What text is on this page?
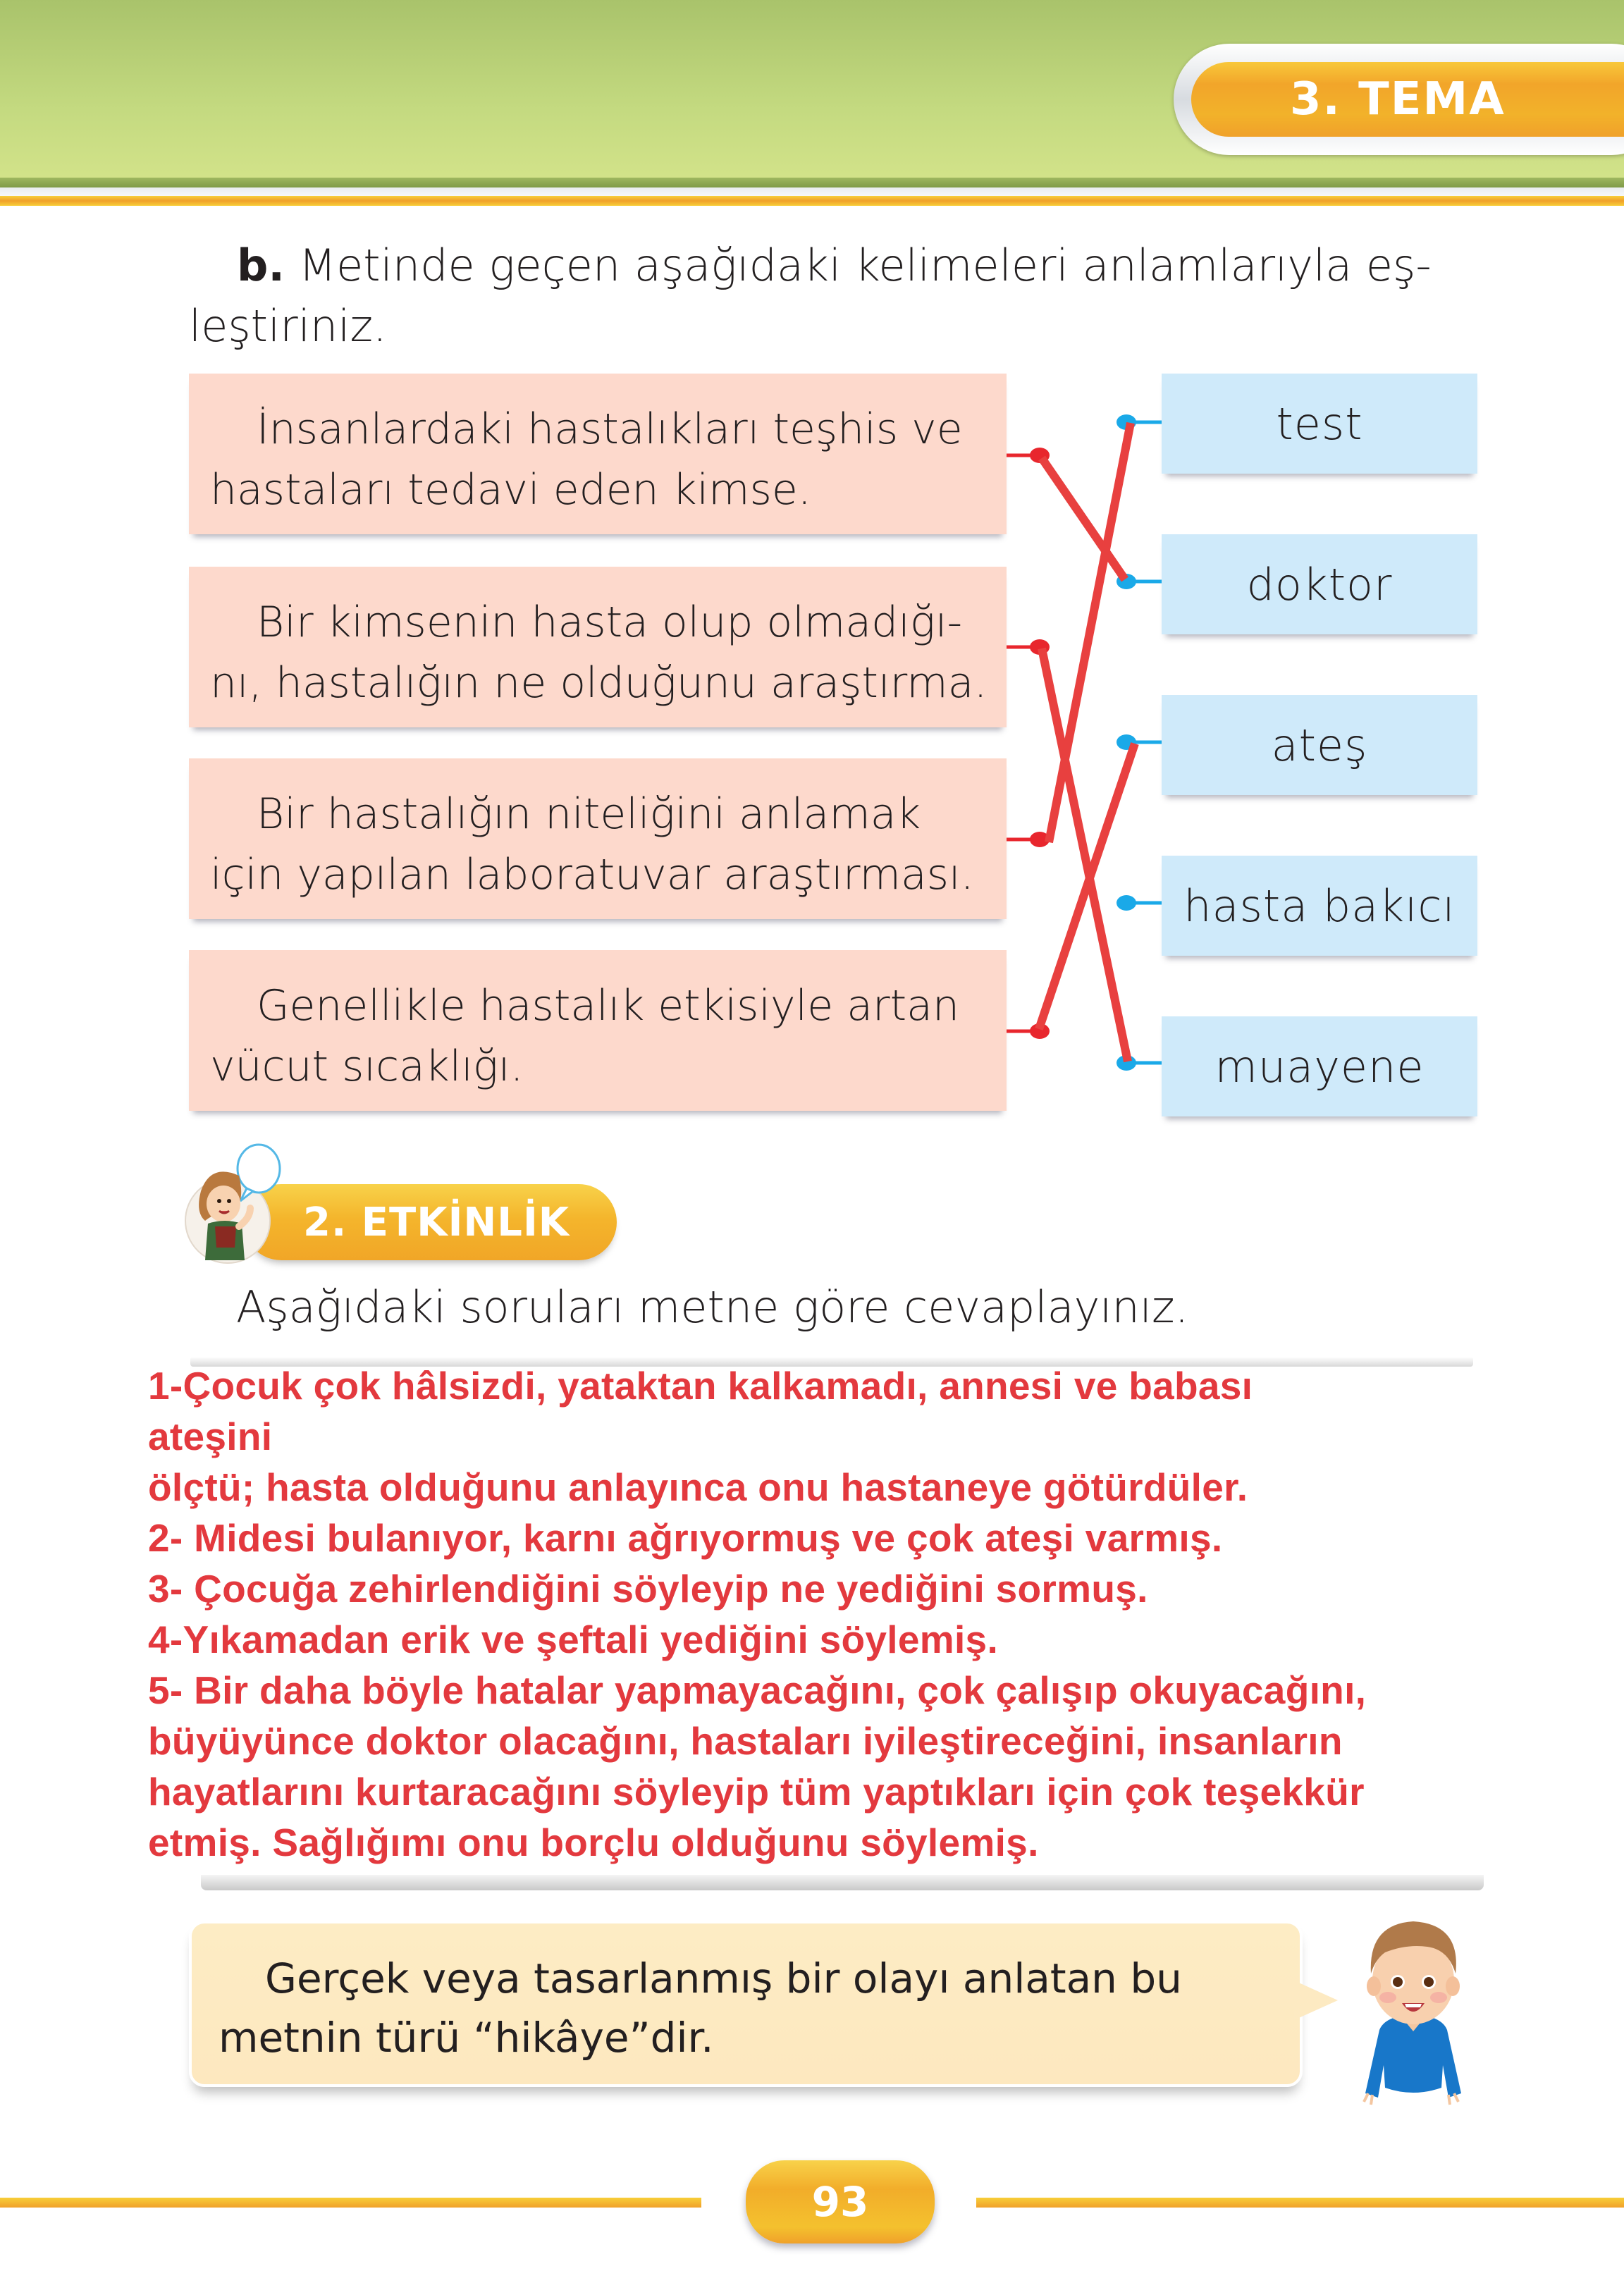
3. TEMA
b. Metinde geçen aşağıdaki kelimeleri anlamlarıyla eş-
leştiriniz.
İnsanlardaki hastalıkları teşhis ve
hastaları tedavi eden kimse.
Bir kimsenin hasta olup olmadığı-
nı, hastalığın ne olduğunu araştırma.
Bir hastalığın niteliğini anlamak
için yapılan laboratuvar araştırması.
Genellikle hastalık etkisiyle artan
vücut sıcaklığı.
test
doktor
ateş
hasta bakıcı
muayene
2. ETKİNLİK
Aşağıdaki soruları metne göre cevaplayınız.
1-Çocuk çok hâlsizdi, yataktan kalkamadı, annesi ve babası
ateşini
ölçtü; hasta olduğunu anlayınca onu hastaneye götürdüler.
2- Midesi bulanıyor, karnı ağrıyormuş ve çok ateşi varmış.
3- Çocuğa zehirlendiğini söyleyip ne yediğini sormuş.
4-Yıkamadan erik ve şeftali yediğini söylemiş.
5- Bir daha böyle hatalar yapmayacağını, çok çalışıp okuyacağını,
büyüyünce doktor olacağını, hastaları iyileştireceğini, insanların
hayatlarını kurtaracağını söyleyip tüm yaptıkları için çok teşekkür
etmiş. Sağlığımı onu borçlu olduğunu söylemiş.
Gerçek veya tasarlanmış bir olayı anlatan bu
metnin türü “hikâye”dir.
93
